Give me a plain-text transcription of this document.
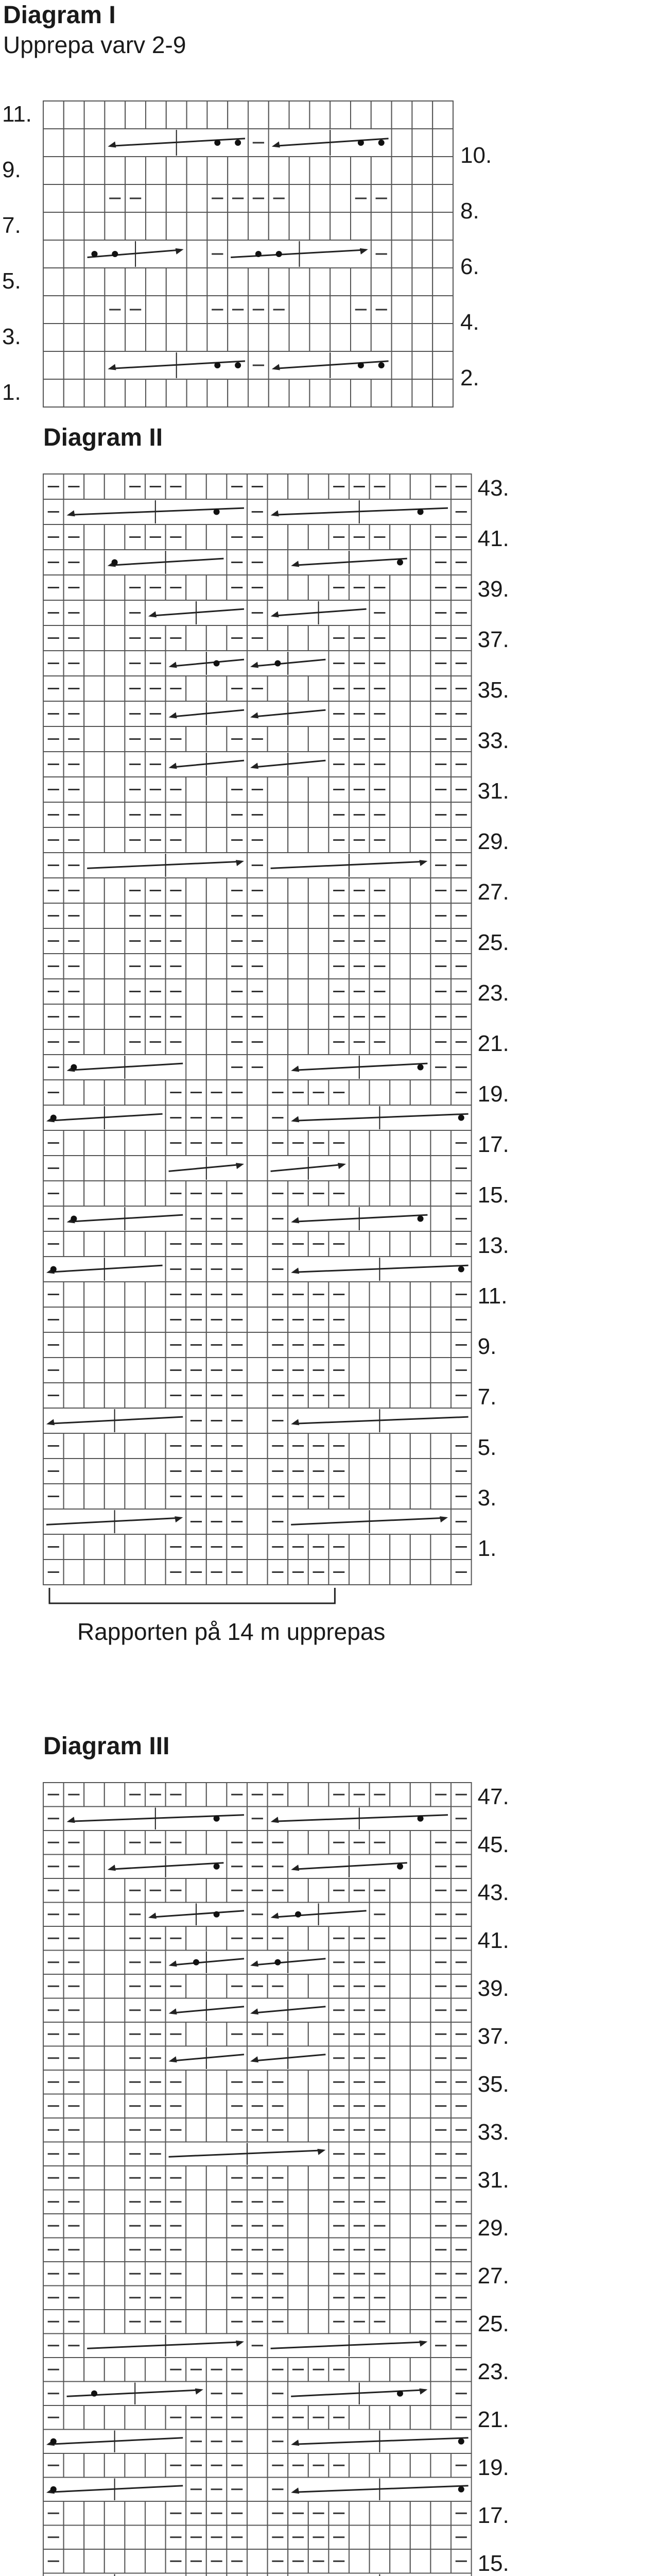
Diagram I
Upprepa varv 2-9
Diagram II
Rapporten på 14 m upprepas
Diagram III
11.
9.
7.
5.
3.
1.
10.
8.
6.
4.
2.
43.
41.
39.
37.
35.
33.
31.
29.
27.
25.
23.
21.
19.
17.
15.
13.
11.
9.
7.
5.
3.
1.
47.
45.
43.
41.
39.
37.
35.
33.
31.
29.
27.
25.
23.
21.
19.
17.
15.
